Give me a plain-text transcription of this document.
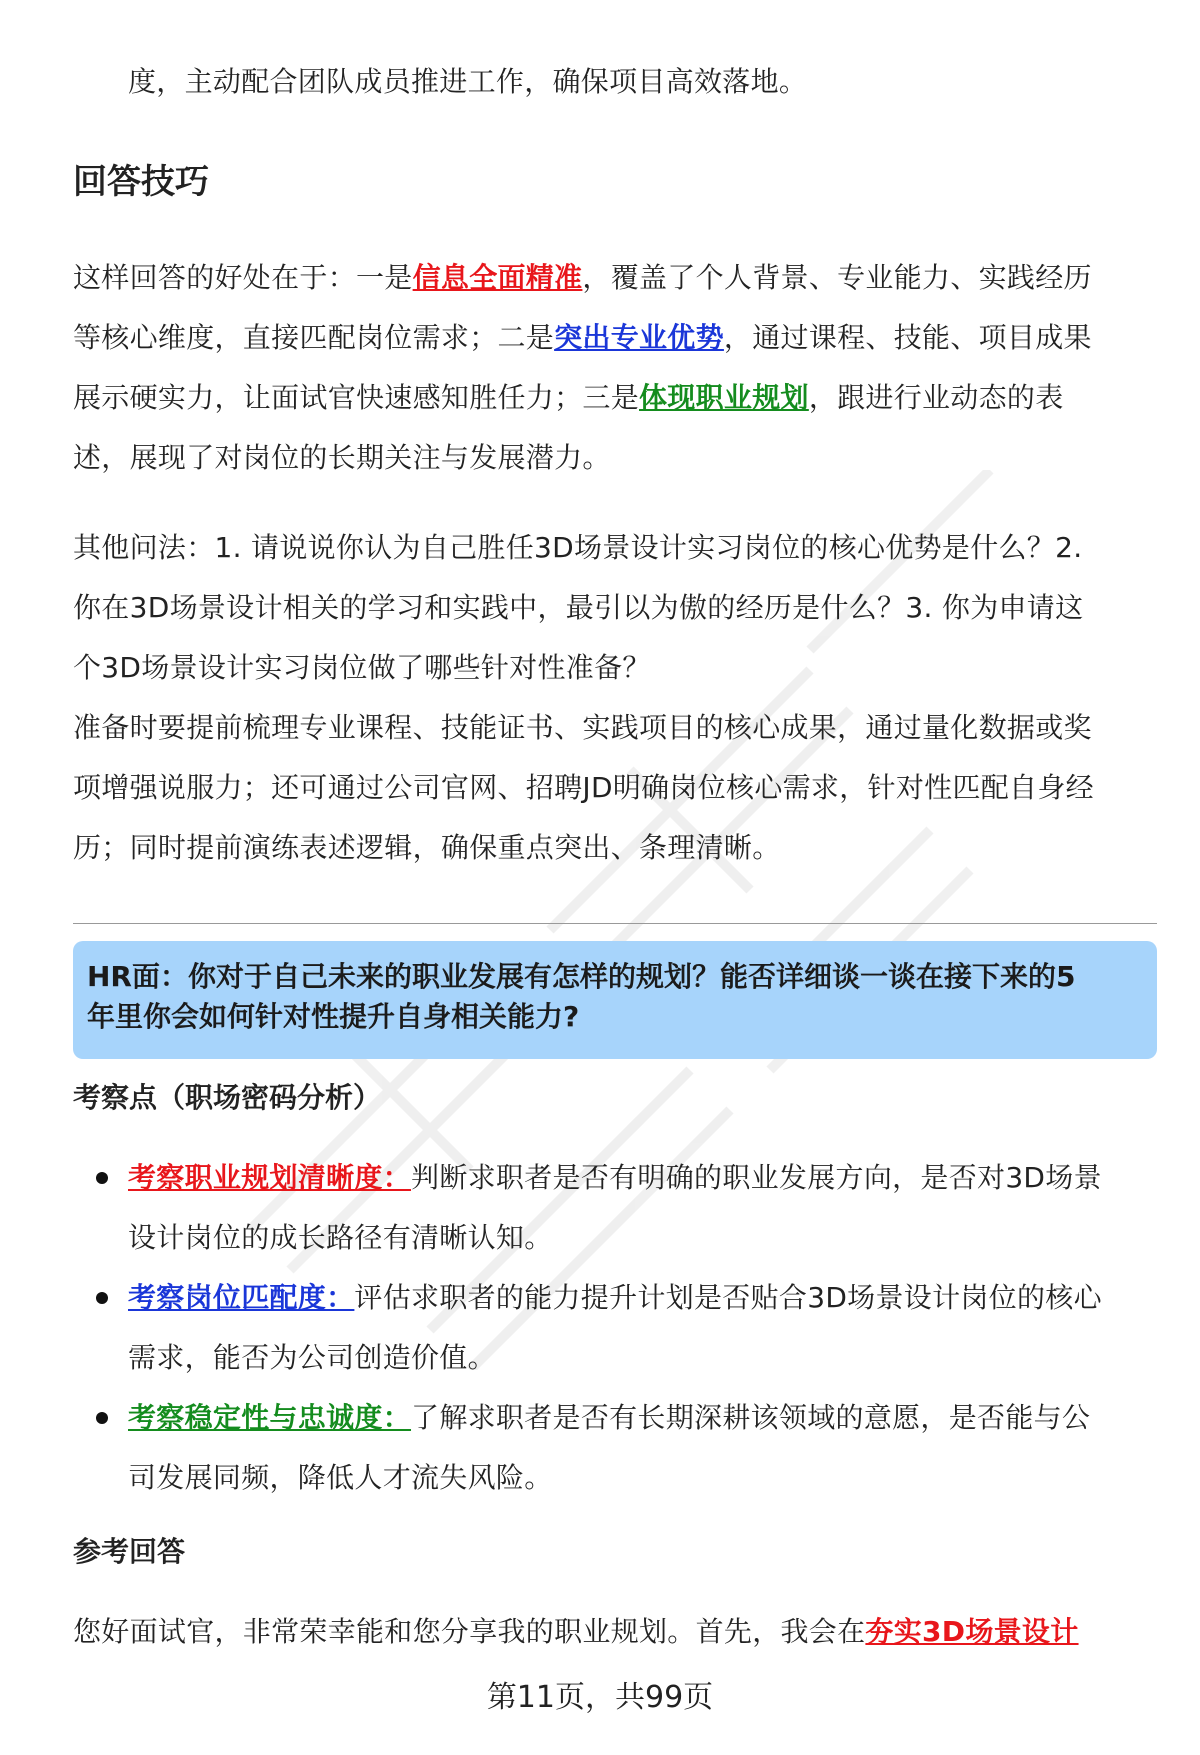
度，主动配合团队成员推进工作，确保项目高效落地。
回答技巧
这样回答的好处在于：一是信息全面精准，覆盖了个人背景、专业能力、实践经历
等核心维度，直接匹配岗位需求；二是突出专业优势，通过课程、技能、项目成果
展示硬实力，让面试官快速感知胜任力；三是体现职业规划，跟进行业动态的表
述，展现了对岗位的长期关注与发展潜力。
其他问法：1. 请说说你认为自己胜任3D场景设计实习岗位的核心优势是什么？2.
你在3D场景设计相关的学习和实践中，最引以为傲的经历是什么？3. 你为申请这
个3D场景设计实习岗位做了哪些针对性准备？
准备时要提前梳理专业课程、技能证书、实践项目的核心成果，通过量化数据或奖
项增强说服力；还可通过公司官网、招聘JD明确岗位核心需求，针对性匹配自身经
历；同时提前演练表述逻辑，确保重点突出、条理清晰。
HR面：你对于自己未来的职业发展有怎样的规划？能否详细谈一谈在接下来的5
年里你会如何针对性提升自身相关能力?
考察点（职场密码分析）
考察职业规划清晰度：判断求职者是否有明确的职业发展方向，是否对3D场景
设计岗位的成长路径有清晰认知。
考察岗位匹配度：评估求职者的能力提升计划是否贴合3D场景设计岗位的核心
需求，能否为公司创造价值。
考察稳定性与忠诚度：了解求职者是否有长期深耕该领域的意愿，是否能与公
司发展同频，降低人才流失风险。
参考回答
您好面试官，非常荣幸能和您分享我的职业规划。首先，我会在夯实3D场景设计
第11页，共99页
